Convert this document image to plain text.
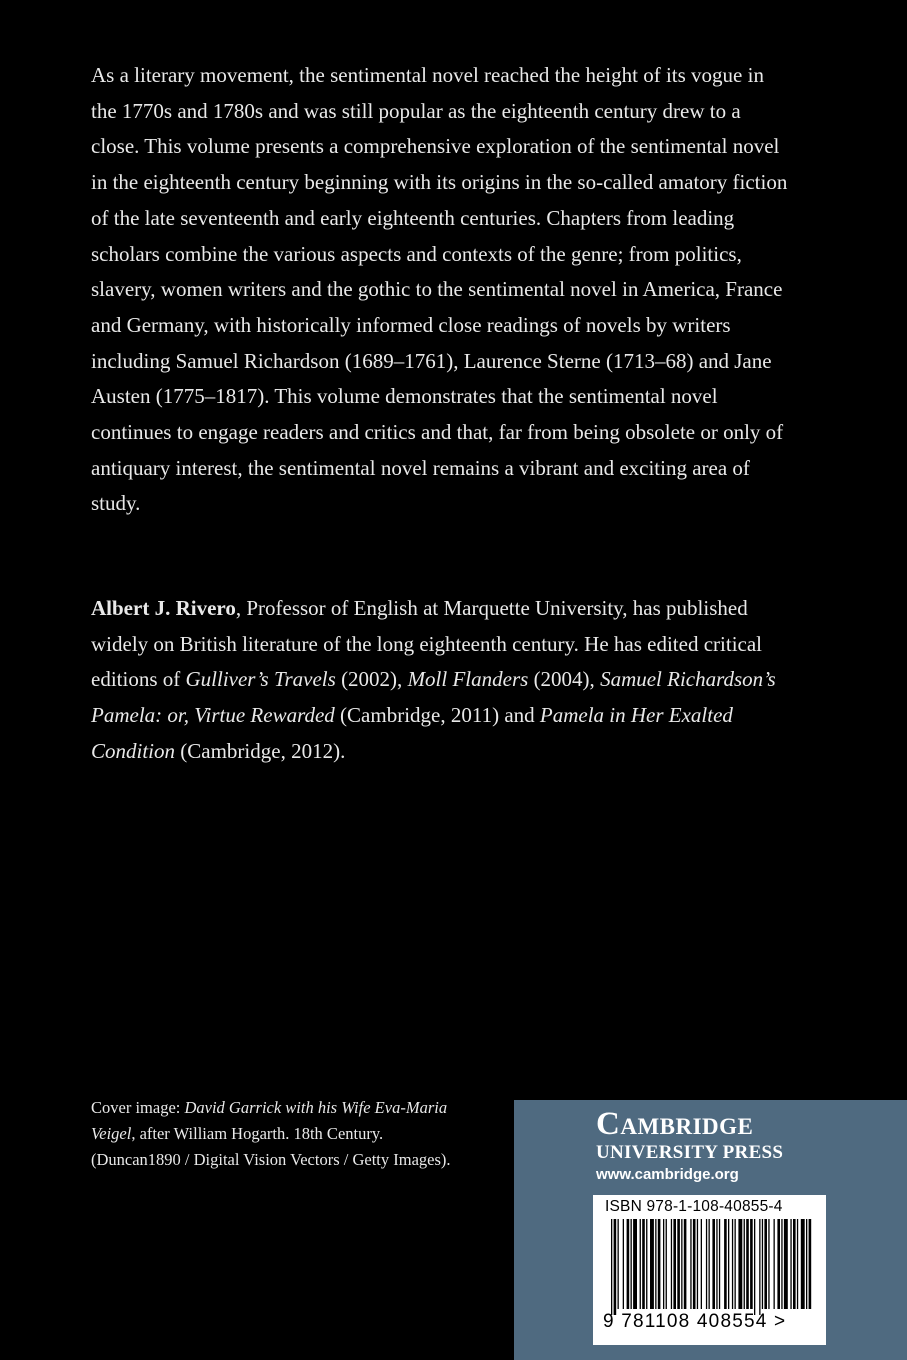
As a literary movement, the sentimental novel reached the height of its vogue in the 1770s and 1780s and was still popular as the eighteenth century drew to a close. This volume presents a comprehensive exploration of the sentimental novel in the eighteenth century beginning with its origins in the so-called amatory fiction of the late seventeenth and early eighteenth centuries. Chapters from leading scholars combine the various aspects and contexts of the genre; from politics, slavery, women writers and the gothic to the sentimental novel in America, France and Germany, with historically informed close readings of novels by writers including Samuel Richardson (1689–1761), Laurence Sterne (1713–68) and Jane Austen (1775–1817). This volume demonstrates that the sentimental novel continues to engage readers and critics and that, far from being obsolete or only of antiquary interest, the sentimental novel remains a vibrant and exciting area of study.

Albert J. Rivero, Professor of English at Marquette University, has published widely on British literature of the long eighteenth century. He has edited critical editions of Gulliver’s Travels (2002), Moll Flanders (2004), Samuel Richardson’s Pamela: or, Virtue Rewarded (Cambridge, 2011) and Pamela in Her Exalted Condition (Cambridge, 2012).

Cover image: David Garrick with his Wife Eva-Maria Veigel, after William Hogarth. 18th Century. (Duncan1890 / Digital Vision Vectors / Getty Images).

Cambridge
UNIVERSITY PRESS
www.cambridge.org
ISBN 978-1-108-40855-4
9 781108 408554 >
